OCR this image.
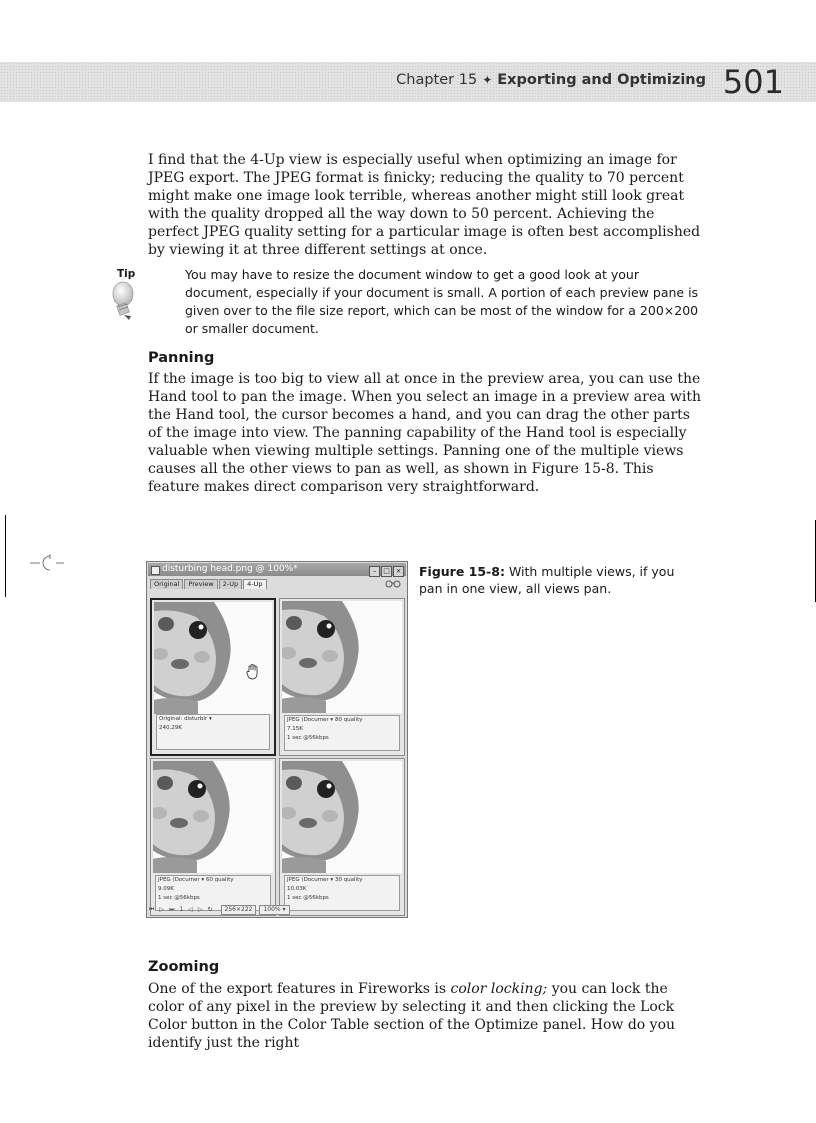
Chapter 15 ✦ Exporting and Optimizing 501

I find that the 4-Up view is especially useful when optimizing an image for JPEG export. The JPEG format is finicky; reducing the quality to 70 percent might make one image look terrible, whereas another might still look great with the quality dropped all the way down to 50 percent. Achieving the perfect JPEG quality setting for a particular image is often best accomplished by viewing it at three different settings at once.

Tip	You may have to resize the document window to get a good look at your document, especially if your document is small. A portion of each preview pane is given over to the file size report, which can be most of the window for a 200×200 or smaller document.

Panning

If the image is too big to view all at once in the preview area, you can use the Hand tool to pan the image. When you select an image in a preview area with the Hand tool, the cursor becomes a hand, and you can drag the other parts of the image into view. The panning capability of the Hand tool is especially valuable when viewing multiple settings. Panning one of the multiple views causes all the other views to pan as well, as shown in Figure 15-8. This feature makes direct comparison very straightforward.

disturbing head.png @ 100%*	– □ ×
Original Preview 2-Up 4-Up
Original: disturbir ▾
240.29K
JPEG (Documer ▾ 80 quality
7.15K
1 sec @56kbps
JPEG (Documer ▾ 60 quality
9.09K
1 sec @56kbps
JPEG (Documer ▾ 30 quality
10.03K
1 sec @56kbps
⏮ ▷ ⏭ 1 ◁ ▷ ↻ 256×222 100% ▾

Figure 15-8: With multiple views, if you pan in one view, all views pan.

Zooming

One of the export features in Fireworks is color locking; you can lock the color of any pixel in the preview by selecting it and then clicking the Lock Color button in the Color Table section of the Optimize panel. How do you identify just the right
